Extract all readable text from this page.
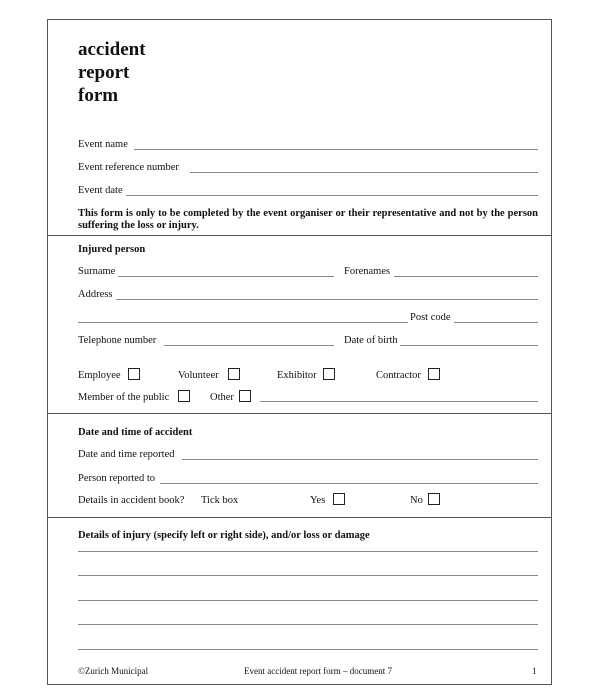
accident
report
form
Event name
Event reference number
Event date
This form is only to be completed by the event organiser or their representative and not by the person suffering the loss or injury.
Injured person
Surname	Forenames
Address
Post code
Telephone number	Date of birth
Employee	Volunteer	Exhibitor	Contractor
Member of the public	Other
Date and time of accident
Date and time reported
Person reported to
Details in accident book? Tick box	Yes	No
Details of injury (specify left or right side), and/or loss or damage
©Zurich Municipal	Event accident report form – document 7	1
